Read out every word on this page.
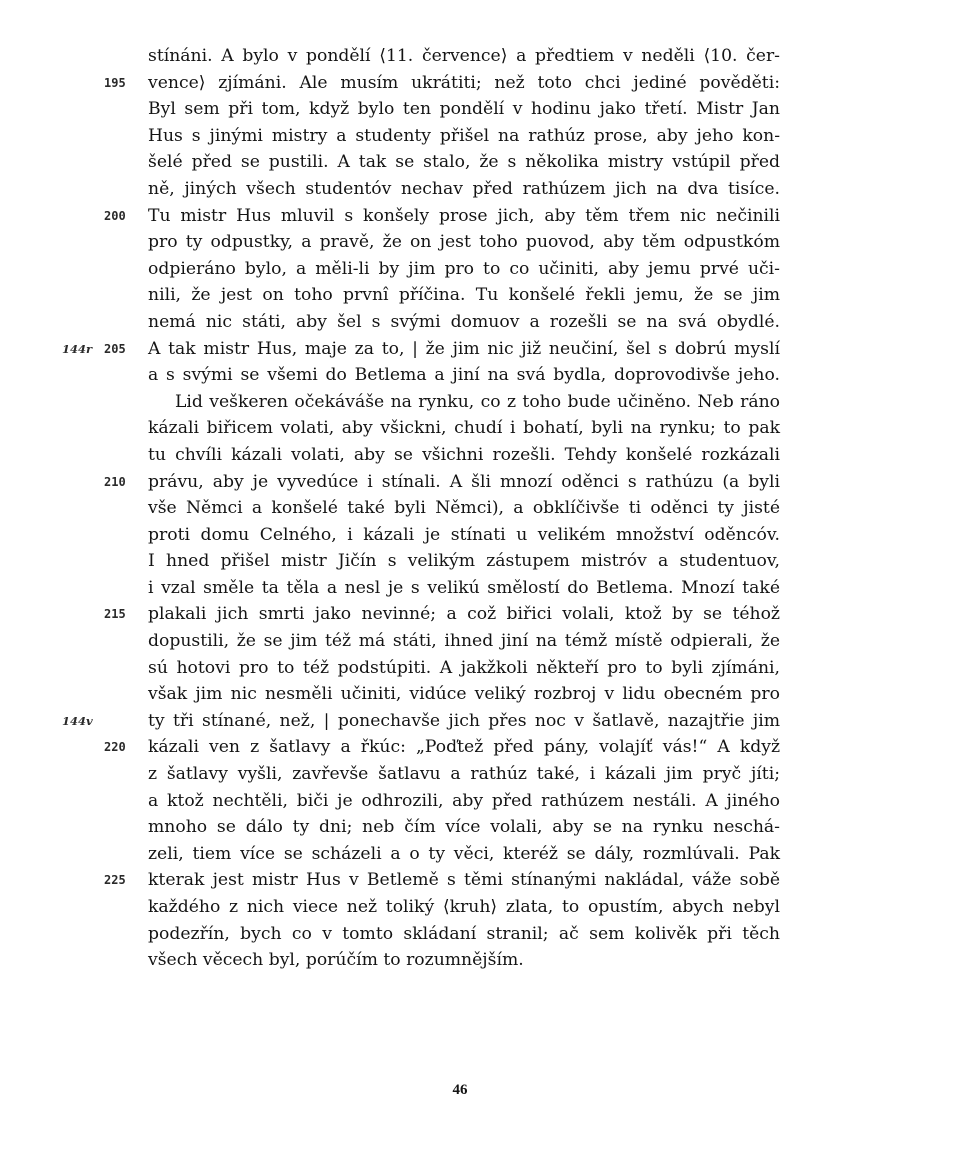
stínáni. A bylo v pondělí ⟨11. července⟩ a předtiem v neděli ⟨10. čer-
195	vence⟩ zjímáni. Ale musím ukrátiti; než toto chci jediné pověděti:
Byl sem při tom, když bylo ten pondělí v hodinu jako třetí. Mistr Jan
Hus s jinými mistry a studenty přišel na rathúz prose, aby jeho kon-
šelé před se pustili. A tak se stalo, že s několika mistry vstúpil před
ně, jiných všech studentóv nechav před rathúzem jich na dva tisíce.
200	Tu mistr Hus mluvil s konšely prose jich, aby těm třem nic nečinili
pro ty odpustky, a pravě, že on jest toho puovod, aby těm odpustkóm
odpieráno bylo, a měli-li by jim pro to co učiniti, aby jemu prvé uči-
nili, že jest on toho prvnî příčina. Tu konšelé řekli jemu, že se jim
nemá nic státi, aby šel s svými domuov a rozešli se na svá obydlé.
144r 205	A tak mistr Hus, maje za to, | že jim nic již neučiní, šel s dobrú myslí
a s svými se všemi do Betlema a jiní na svá bydla, doprovodivše jeho.
Lid veškeren očekáváše na rynku, co z toho bude učiněno. Neb ráno
kázali biřicem volati, aby všickni, chudí i bohatí, byli na rynku; to pak
tu chvíli kázali volati, aby se všichni rozešli. Tehdy konšelé rozkázali
210	právu, aby je vyvedúce i stínali. A šli mnozí oděnci s rathúzu (a byli
vše Němci a konšelé také byli Němci), a obklíčivše ti oděnci ty jisté
proti domu Celného, i kázali je stínati u velikém množství oděncóv.
I hned přišel mistr Jičín s velikým zástupem mistróv a studentuov,
i vzal směle ta těla a nesl je s velikú smělostí do Betlema. Mnozí také
215	plakali jich smrti jako nevinné; a což biřici volali, ktož by se téhož
dopustili, že se jim též má státi, ihned jiní na témž místě odpierali, že
sú hotovi pro to též podstúpiti. A jakžkoli někteří pro to byli zjímáni,
však jim nic nesměli učiniti, vidúce veliký rozbroj v lidu obecném pro
144v	ty tři stínané, než, | ponechavše jich přes noc v šatlavě, nazajtřie jim
220	kázali ven z šatlavy a řkúc: „Poďtež před pány, volajíť vás!“ A když
z šatlavy vyšli, zavřevše šatlavu a rathúz také, i kázali jim pryč jíti;
a ktož nechtěli, biči je odhrozili, aby před rathúzem nestáli. A jiného
mnoho se dálo ty dni; neb čím více volali, aby se na rynku neschá-
zeli, tiem více se scházeli a o ty věci, kteréž se dály, rozmlúvali. Pak
225	kterak jest mistr Hus v Betlemě s těmi stínanými nakládal, váže sobě
každého z nich viece než toliký ⟨kruh⟩ zlata, to opustím, abych nebyl
podezřín, bych co v tomto skládaní stranil; ač sem kolivěk při těch
všech věcech byl, porúčím to rozumnějším.
46
